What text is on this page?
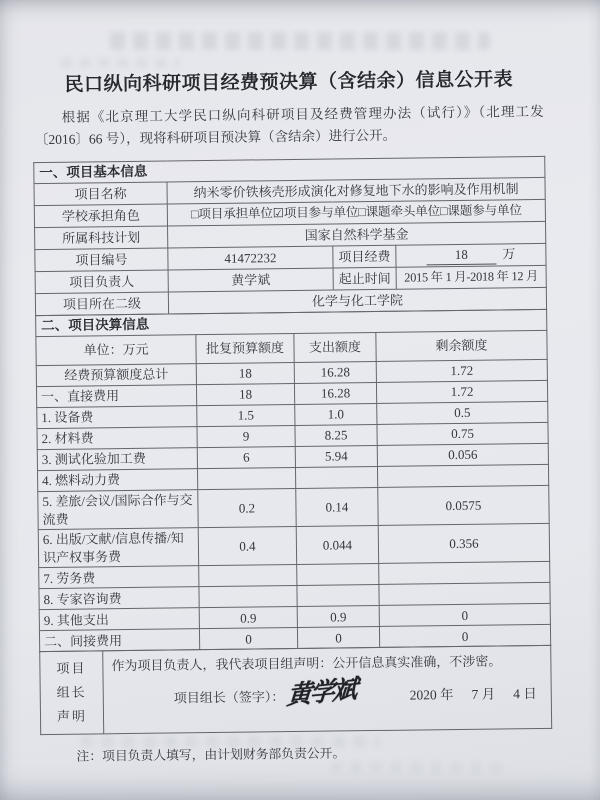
民口纵向科研项目经费预决算（含结余）信息公开表

根据《北京理工大学民口纵向科研项目及经费管理办法（试行）》（北理工发〔2016〕66 号），现将科研项目预决算（含结余）进行公开。

一、项目基本信息			
项目名称	纳米零价铁核壳形成演化对修复地下水的影响及作用机制		
学校承担角色	□项目承担单位☑项目参与单位□课题牵头单位□课题参与单位		
所属科技计划	国家自然科学基金		
项目编号	41472232	项目经费	18 万
项目负责人	黄学斌	起止时间	2015 年 1 月-2018 年 12 月
项目所在二级	化学与化工学院		
二、项目决算信息			
单位：万元	批复预算额度	支出额度	剩余额度
经费预算额度总计	18	16.28	1.72
一、直接费用	18	16.28	1.72
1. 设备费	1.5	1.0	0.5
2. 材料费	9	8.25	0.75
3. 测试化验加工费	6	5.94	0.056
4. 燃料动力费			
5. 差旅/会议/国际合作与交流费	0.2	0.14	0.0575
6. 出版/文献/信息传播/知识产权事务费	0.4	0.044	0.356
7. 劳务费			
8. 专家咨询费			
9. 其他支出	0.9	0.9	0
二、间接费用	0	0	0
项目
组长
声明

作为项目负责人，我代表项目组声明：公开信息真实准确，不涉密。
项目组长（签字）： 黄学斌	2020 年 7 月 4 日

注：项目负责人填写，由计划财务部负责公开。
